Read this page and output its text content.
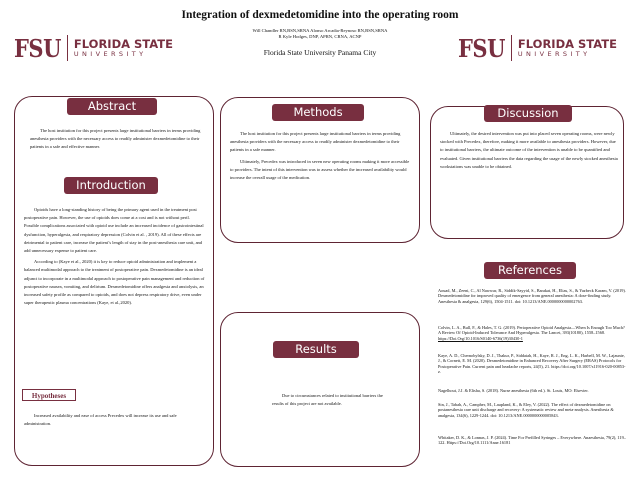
Integration of dexmedetomidine into the operating room
Will Chandler RN,BSN,SRNA Alonso Arcadia-Reynoso RN,BSN,SRNA
R Kyle Hodges, DNP, APRN, CRNA, ACNP
Florida State University Panama City
FSU FLORIDA STATE
UNIVERSITY	FSU FLORIDA STATE
UNIVERSITY
Abstract	Methods	Discussion
Introduction
References
Results
Hypotheses

The host institution for this project presents large institutional barriers in terms providing anesthesia providers with the necessary access to readily administer dexmedetomidine to their patients in a safe and effective manner.

Opioids have a long-standing history of being the primary agent used in the treatment post postoperative pain. However, the use of opioids does come at a cost and is not without peril. Possible complications associated with opioid use include an increased incidence of gastrointestinal dysfunction, hyperalgesia, and respiratory depression (Colvin et al. , 2019). All of these effects are detrimental to patient care, increase the patient’s length of stay in the post-anesthesia care unit, and add unnecessary expense to patient care.

According to (Kaye et al., 2020) it is key to reduce opioid administration and implement a balanced multimodal approach to the treatment of postoperative pain. Dexmedetomidine is an ideal adjunct to incorporate in a multimodal approach to postoperative pain management and reduction of postoperative nausea, vomiting, and delirium. Dexmedetomidine offers analgesia and anxiolysis, an increased safety profile as compared to opioids, and does not depress respiratory drive, even under super therapeutic plasma concentrations (Kaye, et al.,2020).

Increased availability and ease of access Precedex will increase its use and safe administration.

The host institution for this project presents large institutional barriers in terms providing anesthesia providers with the necessary access to readily administer dexmedetomidine to their patients in a safe manner.

Ultimately, Precedex was introduced in seven new operating rooms making it more accessible to providers. The intent of this intervention was to assess whether the increased availability would increase the overall usage of the medication.

Due to circumstances related to institutional barriers the results of this project are not available.

Ultimately, the desired intervention was put into placed seven operating rooms, were newly stocked with Precedex, therefore, making it more available to anesthesia providers. However, due to institutional barriers, the ultimate outcome of the intervention is unable to be quantified and evaluated. Given institutional barriers the data regarding the usage of the newly stocked anesthesia workstations was unable to be obtained.

Aouad, M., Zeeni, C., Al Nawwar, R., Siddik-Sayyid, S., Barakat, H., Elias, S., & Yazbeck Karam, V. (2019). Dexmedetomidine for improved quality of emergence from general anesthesia: A dose-finding study. Anesthesia & analgesia, 129(6), 1504-1511. doi: 10.1213/ANE.0000000000002763.
Colvin, L. A., Bull, F., & Hales, T. G. (2019). Perioperative Opioid Analgesia—When Is Enough Too Much? A Review Of Opioid-Induced Tolerance And Hyperalgesia. The Lancet, 393(10180), 1558–1568. https://Doi.Org/10.1016/S0140-6736(19)30430-1
Kaye, A. D., Chernobylsky, D. J., Thakur, P., Siddaiah, H., Kaye, R. J., Eng, L. K., Harbell, M. W., Lajaunie, J., & Cornett, E. M. (2020). Dexmedetomidine in Enhanced Recovery After Surgery (ERAS) Protocols for Postoperative Pain. Current pain and headache reports, 24(5), 21. https://doi.org/10.1007/s11916-020-00853-z.
Nagelhout, J.J. & Elisha, S. (2018). Nurse anesthesia (6th ed.). St. Louis, MO: Elsevier.
Sin, J., Tabah, A., Campher, M., Laupland, K., & Eley, V. (2022). The effect of dexmedetomidine on postanesthesia care unit discharge and recovery: A systematic review and meta-analysis. Anesthesia & analgesia, 134(6), 1229-1244. doi: 10.1213/ANE.0000000000005843.
Whitaker, D. K., & Lonnas, J. P. (2024). Time For Prefilled Syringes – Everywhere. Anaesthesia, 79(2), 119–122. Https://Doi.Org/10.1111/Anae.16181
